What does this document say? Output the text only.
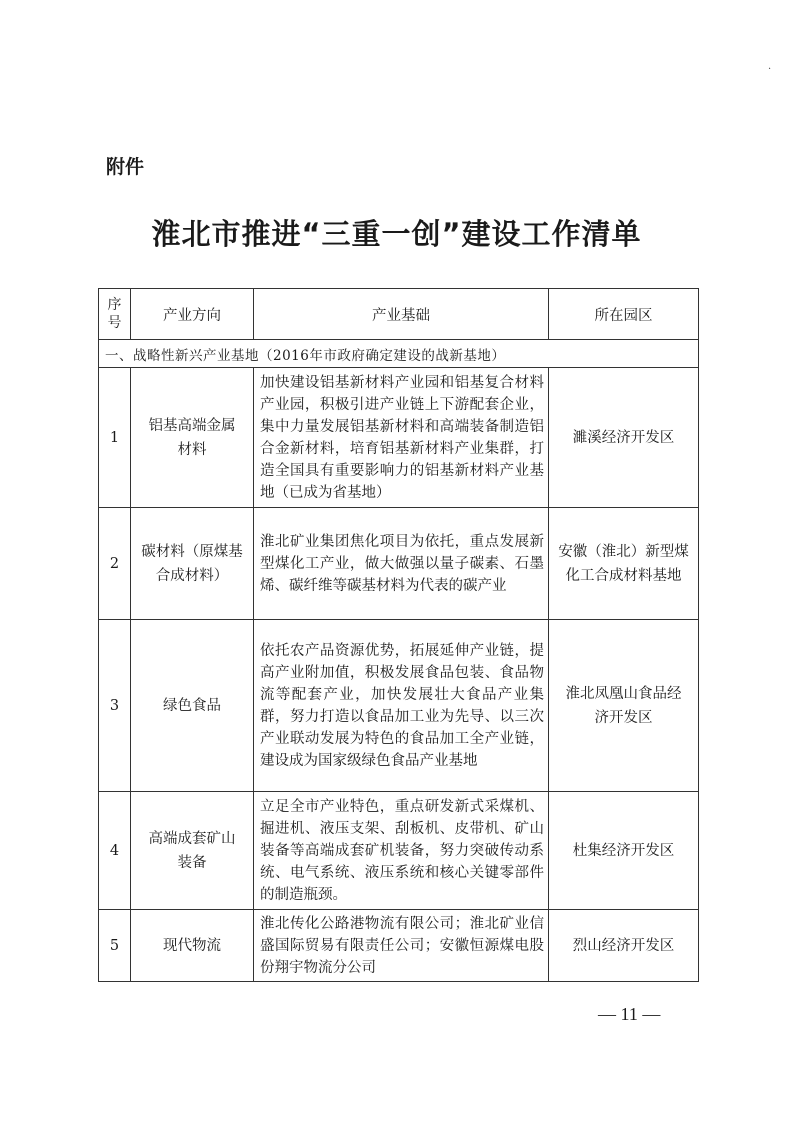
·
附件
淮北市推进“三重一创”建设工作清单
序号	产业方向	产业基础	所在园区
一、战略性新兴产业基地（2016年市政府确定建设的战新基地）			
1	铝基高端金属材料	加快建设铝基新材料产业园和铝基复合材料产业园，积极引进产业链上下游配套企业，集中力量发展铝基新材料和高端装备制造铝合金新材料，培育铝基新材料产业集群，打造全国具有重要影响力的铝基新材料产业基地（已成为省基地）	濉溪经济开发区
2	碳材料（原煤基合成材料）	淮北矿业集团焦化项目为依托，重点发展新型煤化工产业，做大做强以量子碳素、石墨烯、碳纤维等碳基材料为代表的碳产业	安徽（淮北）新型煤化工合成材料基地

3	绿色食品	依托农产品资源优势，拓展延伸产业链，提高产业附加值，积极发展食品包装、食品物流等配套产业，加快发展壮大食品产业集群，努力打造以食品加工业为先导、以三次产业联动发展为特色的食品加工全产业链，建设成为国家级绿色食品产业基地	淮北凤凰山食品经济开发区

4	高端成套矿山装备	立足全市产业特色，重点研发新式采煤机、掘进机、液压支架、刮板机、皮带机、矿山装备等高端成套矿机装备，努力突破传动系统、电气系统、液压系统和核心关键零部件的制造瓶颈。	杜集经济开发区
5	现代物流	淮北传化公路港物流有限公司；淮北矿业信盛国际贸易有限责任公司；安徽恒源煤电股份翔宇物流分公司	烈山经济开发区
— 11 —
